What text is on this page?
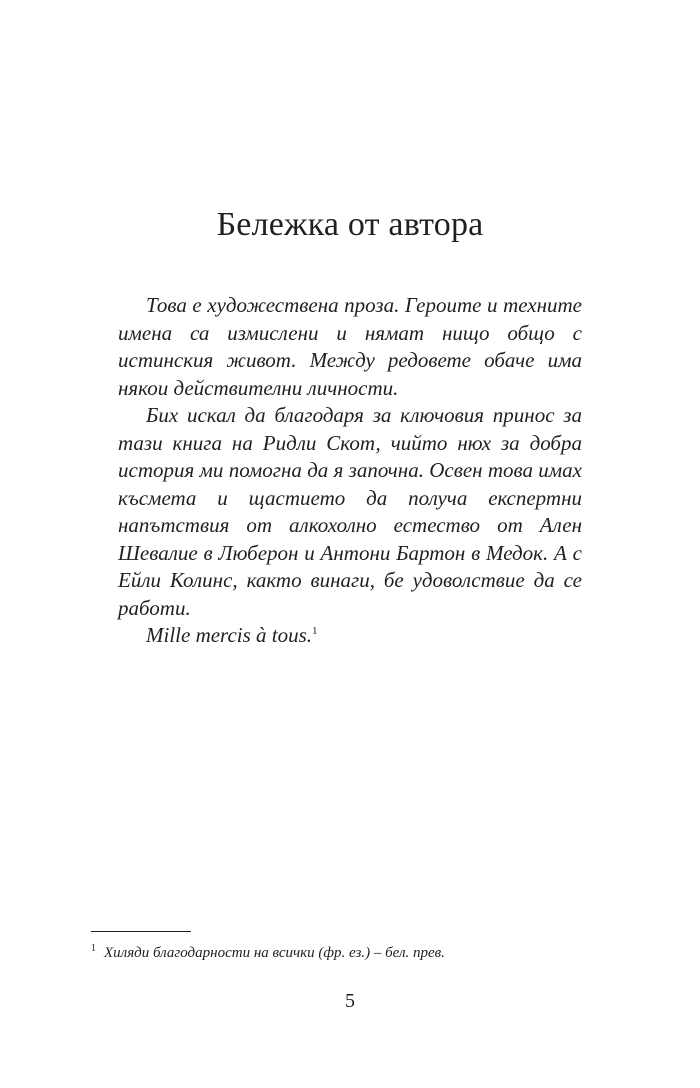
Бележка от автора

Това е художествена проза. Героите и техните имена са измислени и нямат нищо общо с истинския живот. Между редовете обаче има някои действителни личности.

Бих искал да благодаря за ключовия принос за тази книга на Ридли Скот, чийто нюх за добра история ми помогна да я започна. Освен това имах късмета и щастието да получа експертни напътствия от алкохолно естество от Ален Шевалие в Люберон и Антони Бартон в Медок. А с Ейли Колинс, както винаги, бе удоволствие да се работи.

Mille mercis à tous.$^1$

$^1$ Хиляди благодарности на всички (фр. ез.) – бел. прев.
5
